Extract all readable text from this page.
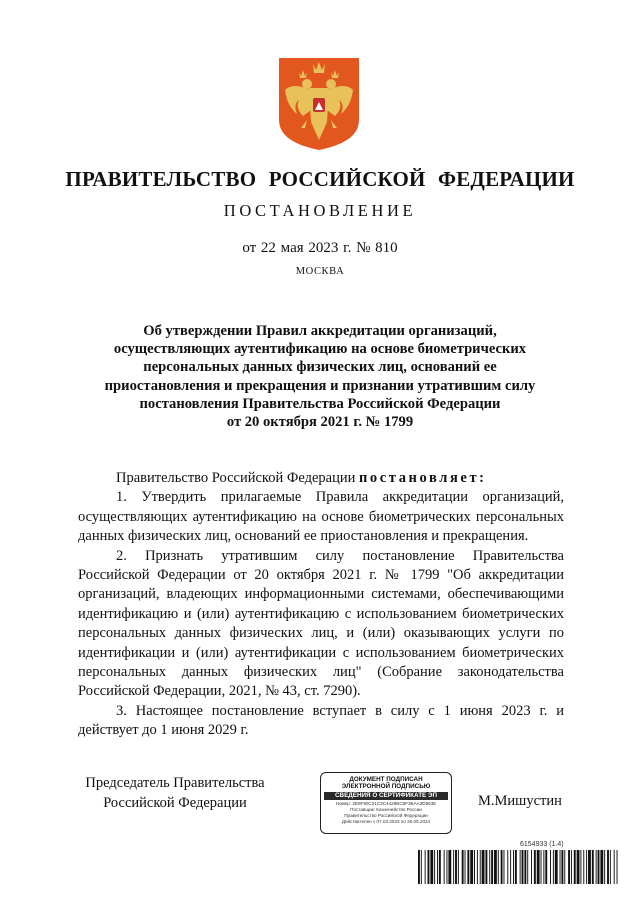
ПРАВИТЕЛЬСТВО РОССИЙСКОЙ ФЕДЕРАЦИИ
ПОСТАНОВЛЕНИЕ
от 22 мая 2023 г. № 810
МОСКВА
Об утверждении Правил аккредитации организаций,
осуществляющих аутентификацию на основе биометрических
персональных данных физических лиц, оснований ее
приостановления и прекращения и признании утратившим силу
постановления Правительства Российской Федерации
от 20 октября 2021 г. № 1799

Правительство Российской Федерации постановляет:

1. Утвердить прилагаемые Правила аккредитации организаций, осуществляющих аутентификацию на основе биометрических персональных данных физических лиц, оснований ее приостановления и прекращения.

2. Признать утратившим силу постановление Правительства Российской Федерации от 20 октября 2021 г. № 1799 "Об аккредитации организаций, владеющих информационными системами, обеспечивающими идентификацию и (или) аутентификацию с использованием биометрических персональных данных физических лиц, и (или) оказывающих услуги по идентификации и (или) аутентификации с использованием биометрических персональных данных физических лиц" (Собрание законодательства Российской Федерации, 2021, № 43, ст. 7290).

3. Настоящее постановление вступает в силу с 1 июня 2023 г. и действует до 1 июня 2029 г.

Председатель Правительства
Российской Федерации
ДОКУМЕНТ ПОДПИСАН
ЭЛЕКТРОННОЙ ПОДПИСЬЮ
СВЕДЕНИЯ О СЕРТИФИКАТЕ ЭП
Номер: 2E9F90C21C3C4428BC8F3BAA3D863E
Поставщик: Казначейство России
Правительство Российской Федерации
Действителен с 07.03.2023 по 30.05.2024
М.Мишустин
6154933 (1.4)
